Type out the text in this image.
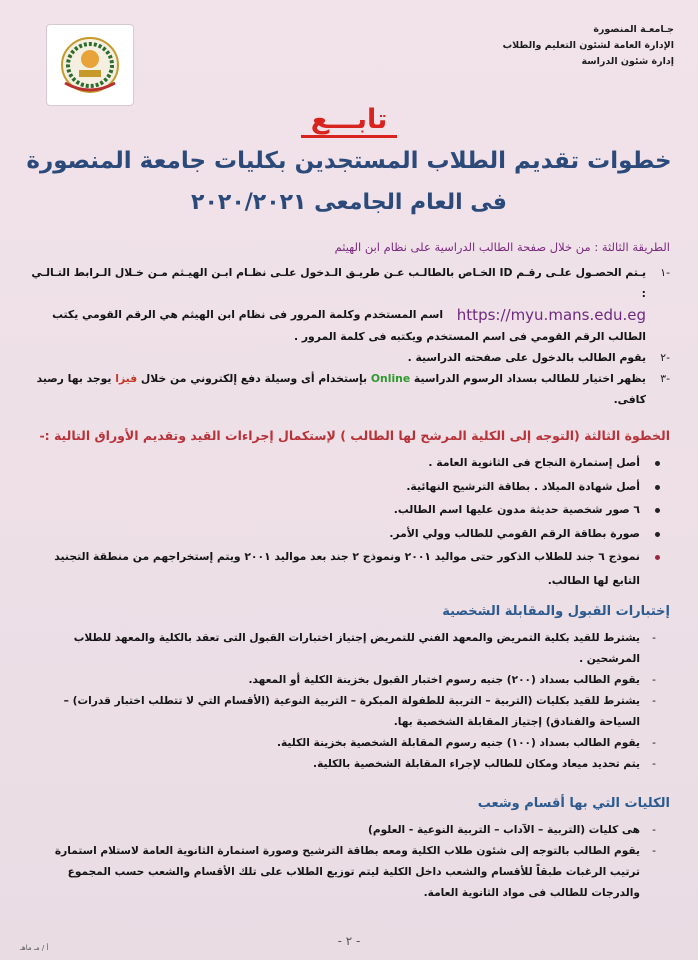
جـامعـة المنصورة
الإدارة العامة لشئون التعليم والطلاب
إدارة شئون الدراسة
تابـــع
خطوات تقديم الطلاب المستجدين بكليات جامعة المنصورة
فى العام الجامعى ٢٠٢٠/٢٠٢١
الطريقة الثالثة : من خلال صفحة الطالب الدراسية على نظام ابن الهيثم
-١
يـتم الحصـول علـى رقـم ID الخـاص بالطالـب عـن طريـق الـدخول علـى نظـام ابـن الهيـثم مـن خـلال الـرابط التـالـي :
https://myu.mans.edu.eg اسم المستخدم وكلمة المرور فى نظام ابن الهيثم هي الرقم القومي يكتب الطالب الرقم القومي فى اسم المستخدم ويكتبه فى كلمة المرور .
-٢
يقوم الطالب بالدخول على صفحته الدراسية .
-٣
يظهر اختيار للطالب بسداد الرسوم الدراسية Online بإستخدام أى وسيلة دفع إلكتروني من خلال فيزا يوجد بها رصيد كافى.
الخطوة الثالثة (التوجه إلى الكلية المرشح لها الطالب ) لإستكمال إجراءات القيد وتقديم الأوراق التالية :-
أصل إستمارة النجاح فى الثانوية العامة .
أصل شهادة الميلاد . بطاقة الترشيح النهائية.
٦ صور شخصية حديثة مدون عليها اسم الطالب.
صورة بطاقة الرقم القومي للطالب وولي الأمر.
نموذج ٦ جند للطلاب الذكور حتى مواليد ٢٠٠١ ونموذج ٢ جند بعد مواليد ٢٠٠١ ويتم إستخراجهم من منطقة التجنيد التابع لها الطالب.
إختبارات القبول والمقابلة الشخصية
-
يشترط للقيد بكلية التمريض والمعهد الفني للتمريض إجتياز اختبارات القبول التى تعقد بالكلية والمعهد للطلاب المرشحين .
-
يقوم الطالب بسداد (٢٠٠) جنيه رسوم اختبار القبول بخزينة الكلية أو المعهد.
-
يشترط للقيد بكليات (التربية – التربية للطفولة المبكرة – التربية النوعية (الأقسام التي لا تتطلب اختبار قدرات) – السياحة والفنادق) إجتياز المقابلة الشخصية بها.
-
يقوم الطالب بسداد (١٠٠) جنيه رسوم المقابلة الشخصية بخزينة الكلية.
-
يتم تحديد ميعاد ومكان للطالب لإجراء المقابلة الشخصية بالكلية.
الكليات التي بها أقسام وشعب
-
هى كليات (التربية – الآداب – التربية النوعية - العلوم)
-
يقوم الطالب بالتوجه إلى شئون طلاب الكلية ومعه بطاقة الترشيح وصورة استمارة الثانوية العامة لاستلام استمارة ترتيب الرغبات طبقاً للأقسام والشعب داخل الكلية ليتم توزيع الطلاب على تلك الأقسام والشعب حسب المجموع والدرجات للطالب فى مواد الثانوية العامة.
- ٢ -
أ / مـ ماهـ
